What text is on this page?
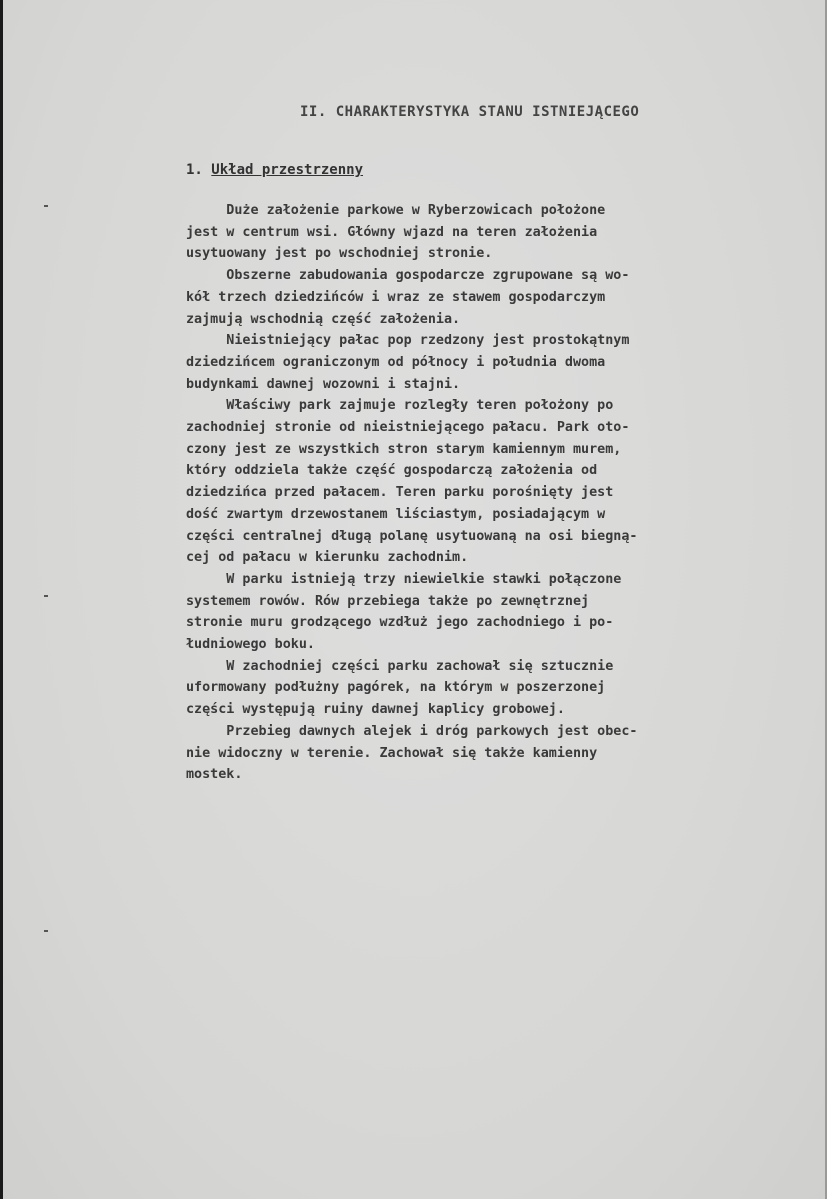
II. CHARAKTERYSTYKA STANU ISTNIEJĄCEGO
1. Układ przestrzenny

Duże założenie parkowe w Ryberzowicach położone

jest w centrum wsi. Główny wjazd na teren założenia

usytuowany jest po wschodniej stronie.

Obszerne zabudowania gospodarcze zgrupowane są wo-

kół trzech dziedzińców i wraz ze stawem gospodarczym

zajmują wschodnią część założenia.

Nieistniejący pałac pop rzedzony jest prostokątnym

dziedzińcem ograniczonym od północy i południa dwoma

budynkami dawnej wozowni i stajni.

Właściwy park zajmuje rozległy teren położony po

zachodniej stronie od nieistniejącego pałacu. Park oto-

czony jest ze wszystkich stron starym kamiennym murem,

który oddziela także część gospodarczą założenia od

dziedzińca przed pałacem. Teren parku porośnięty jest

dość zwartym drzewostanem liściastym, posiadającym w

części centralnej długą polanę usytuowaną na osi biegną-

cej od pałacu w kierunku zachodnim.

W parku istnieją trzy niewielkie stawki połączone

systemem rowów. Rów przebiega także po zewnętrznej

stronie muru grodzącego wzdłuż jego zachodniego i po-

łudniowego boku.

W zachodniej części parku zachował się sztucznie

uformowany podłużny pagórek, na którym w poszerzonej

części występują ruiny dawnej kaplicy grobowej.

Przebieg dawnych alejek i dróg parkowych jest obec-

nie widoczny w terenie. Zachował się także kamienny

mostek.
